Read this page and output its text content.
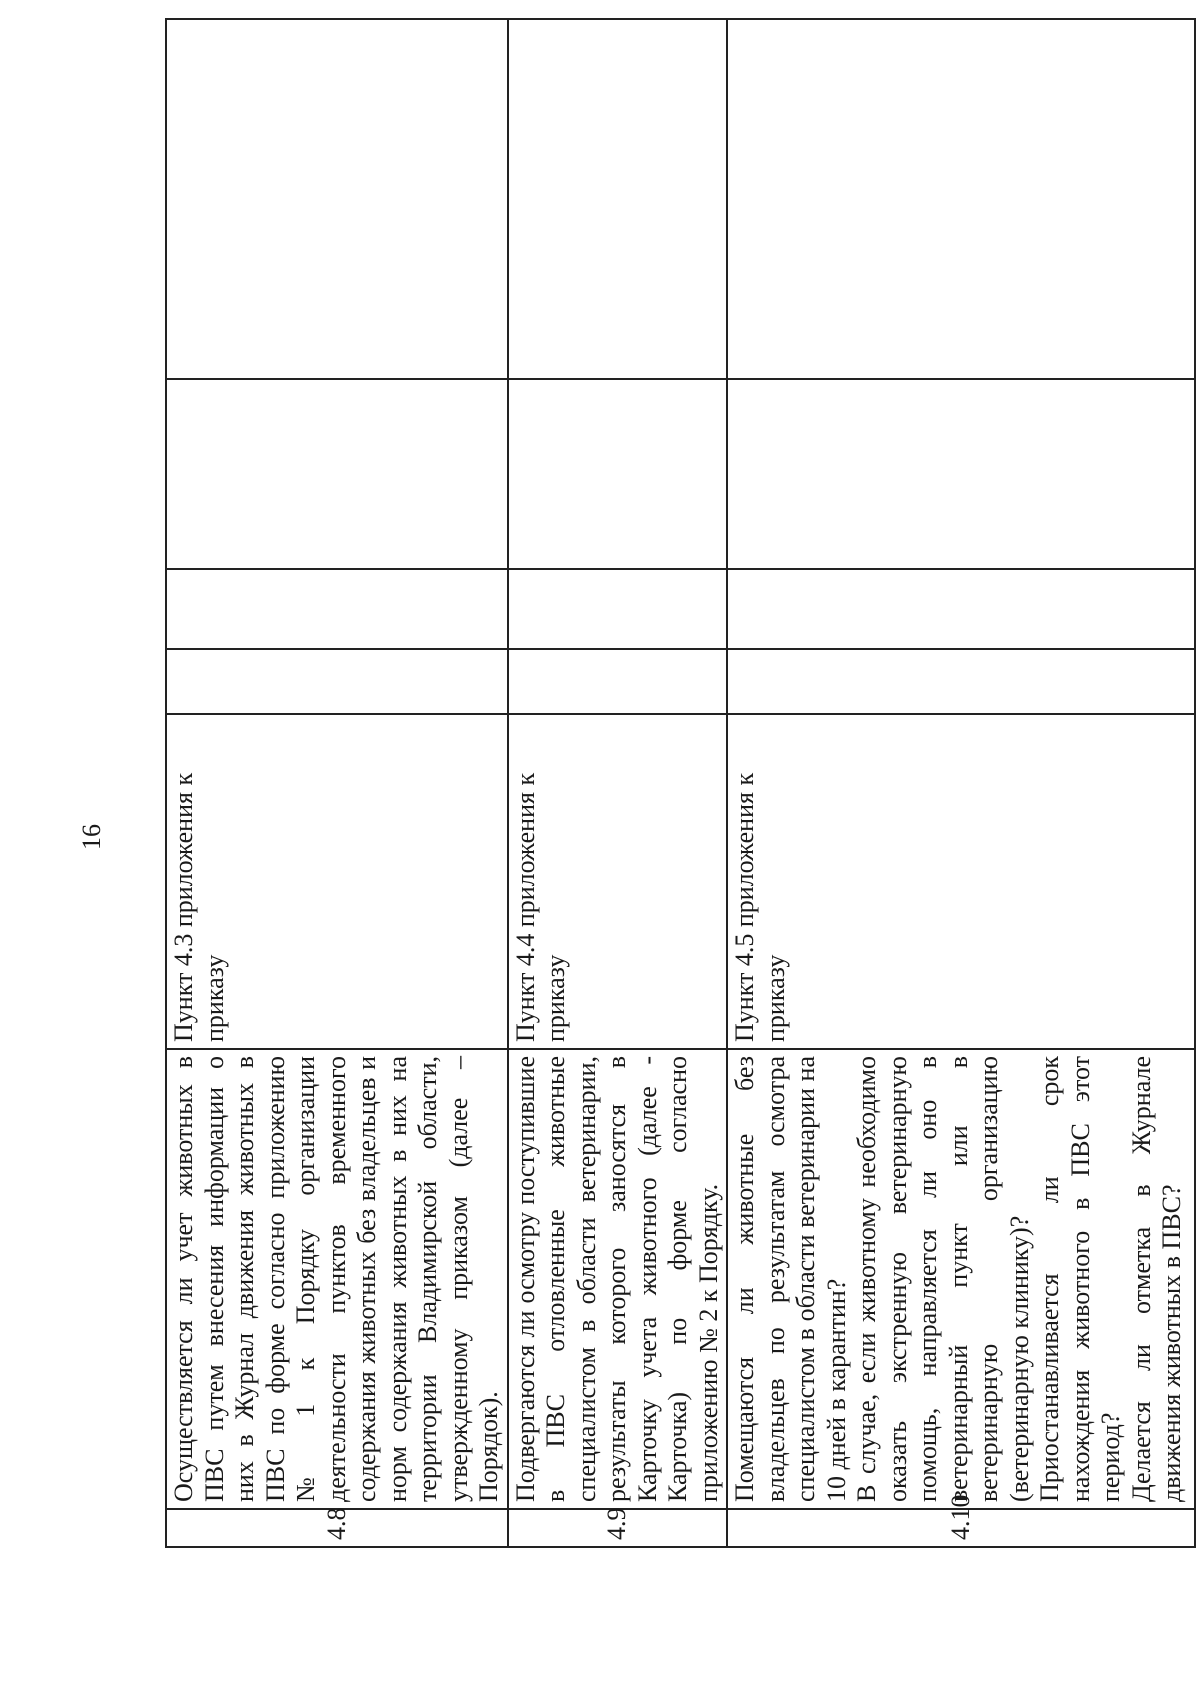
16
4.8	Осуществляется ли учет животных в ПВС путем внесения информации о них в Журнал движения животных в ПВС по форме согласно приложению № 1 к Порядку организации деятельности пунктов временного содержания животных без владельцев и норм содержания животных в них на территории Владимирской области, утвержденному приказом (далее – Порядок).	Пункт 4.3 приложения к приказу				
4.9	Подвергаются ли осмотру поступившие в ПВС отловленные животные специалистом в области ветеринарии, результаты которого заносятся в Карточку учета животного (далее - Карточка) по форме согласно приложению № 2 к Порядку.	Пункт 4.4 приложения к приказу				
4.10	Помещаются ли животные без владельцев по результатам осмотра специалистом в области ветеринарии на 10 дней в карантин? В случае, если животному необходимо оказать экстренную ветеринарную помощь, направляется ли оно в ветеринарный пункт или в ветеринарную организацию (ветеринарную клинику)? Приостанавливается ли срок нахождения животного в ПВС этот период? Делается ли отметка в Журнале движения животных в ПВС?	Пункт 4.5 приложения к приказу				
